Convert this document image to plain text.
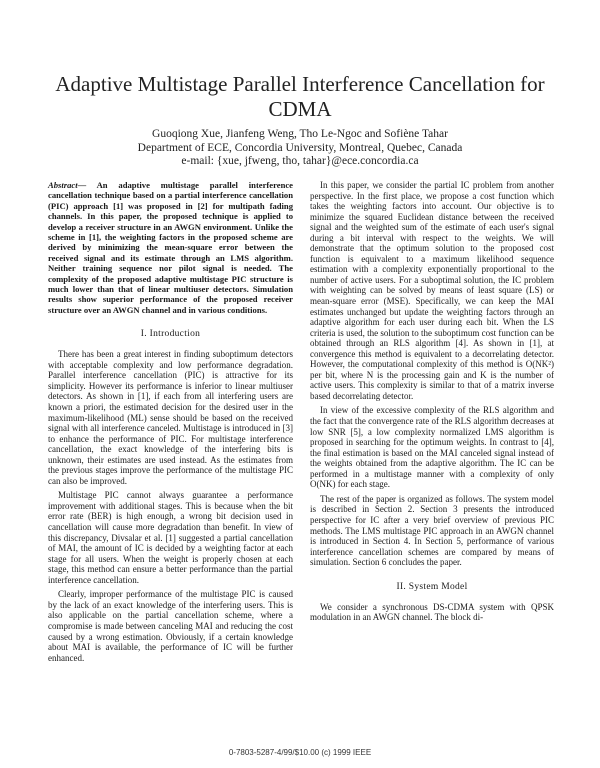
Adaptive Multistage Parallel Interference Cancellation for CDMA
Guoqiong Xue, Jianfeng Weng, Tho Le-Ngoc and Sofiène Tahar
Department of ECE, Concordia University, Montreal, Quebec, Canada
e-mail: {xue, jfweng, tho, tahar}@ece.concordia.ca

Abstract— An adaptive multistage parallel interference cancellation technique based on a partial interference cancellation (PIC) approach [1] was proposed in [2] for multipath fading channels. In this paper, the proposed technique is applied to develop a receiver structure in an AWGN environment. Unlike the scheme in [1], the weighting factors in the proposed scheme are derived by minimizing the mean-square error between the received signal and its estimate through an LMS algorithm. Neither training sequence nor pilot signal is needed. The complexity of the proposed adaptive multistage PIC structure is much lower than that of linear multiuser detectors. Simulation results show superior performance of the proposed receiver structure over an AWGN channel and in various conditions.

I. Introduction

There has been a great interest in finding suboptimum detectors with acceptable complexity and low performance degradation. Parallel interference cancellation (PIC) is attractive for its simplicity. However its performance is inferior to linear multiuser detectors. As shown in [1], if each from all interfering users are known a priori, the estimated decision for the desired user in the maximum-likelihood (ML) sense should be based on the received signal with all interference canceled. Multistage is introduced in [3] to enhance the performance of PIC. For multistage interference cancellation, the exact knowledge of the interfering bits is unknown, their estimates are used instead. As the estimates from the previous stages improve the performance of the multistage PIC can also be improved.

Multistage PIC cannot always guarantee a performance improvement with additional stages. This is because when the bit error rate (BER) is high enough, a wrong bit decision used in cancellation will cause more degradation than benefit. In view of this discrepancy, Divsalar et al. [1] suggested a partial cancellation of MAI, the amount of IC is decided by a weighting factor at each stage for all users. When the weight is properly chosen at each stage, this method can ensure a better performance than the partial interference cancellation.

Clearly, improper performance of the multistage PIC is caused by the lack of an exact knowledge of the interfering users. This is also applicable on the partial cancellation scheme, where a compromise is made between canceling MAI and reducing the cost caused by a wrong estimation. Obviously, if a certain knowledge about MAI is available, the performance of IC will be further enhanced.

In this paper, we consider the partial IC problem from another perspective. In the first place, we propose a cost function which takes the weighting factors into account. Our objective is to minimize the squared Euclidean distance between the received signal and the weighted sum of the estimate of each user's signal during a bit interval with respect to the weights. We will demonstrate that the optimum solution to the proposed cost function is equivalent to a maximum likelihood sequence estimation with a complexity exponentially proportional to the number of active users. For a suboptimal solution, the IC problem with weighting can be solved by means of least square (LS) or mean-square error (MSE). Specifically, we can keep the MAI estimates unchanged but update the weighting factors through an adaptive algorithm for each user during each bit. When the LS criteria is used, the solution to the suboptimum cost function can be obtained through an RLS algorithm [4]. As shown in [1], at convergence this method is equivalent to a decorrelating detector. However, the computational complexity of this method is O(NK²) per bit, where N is the processing gain and K is the number of active users. This complexity is similar to that of a matrix inverse based decorrelating detector.

In view of the excessive complexity of the RLS algorithm and the fact that the convergence rate of the RLS algorithm decreases at low SNR [5], a low complexity normalized LMS algorithm is proposed in searching for the optimum weights. In contrast to [4], the final estimation is based on the MAI canceled signal instead of the weights obtained from the adaptive algorithm. The IC can be performed in a multistage manner with a complexity of only O(NK) for each stage.

The rest of the paper is organized as follows. The system model is described in Section 2. Section 3 presents the introduced perspective for IC after a very brief overview of previous PIC methods. The LMS multistage PIC approach in an AWGN channel is introduced in Section 4. In Section 5, performance of various interference cancellation schemes are compared by means of simulation. Section 6 concludes the paper.

II. System Model

We consider a synchronous DS-CDMA system with QPSK modulation in an AWGN channel. The block di-

0-7803-5287-4/99/$10.00 (c) 1999 IEEE
